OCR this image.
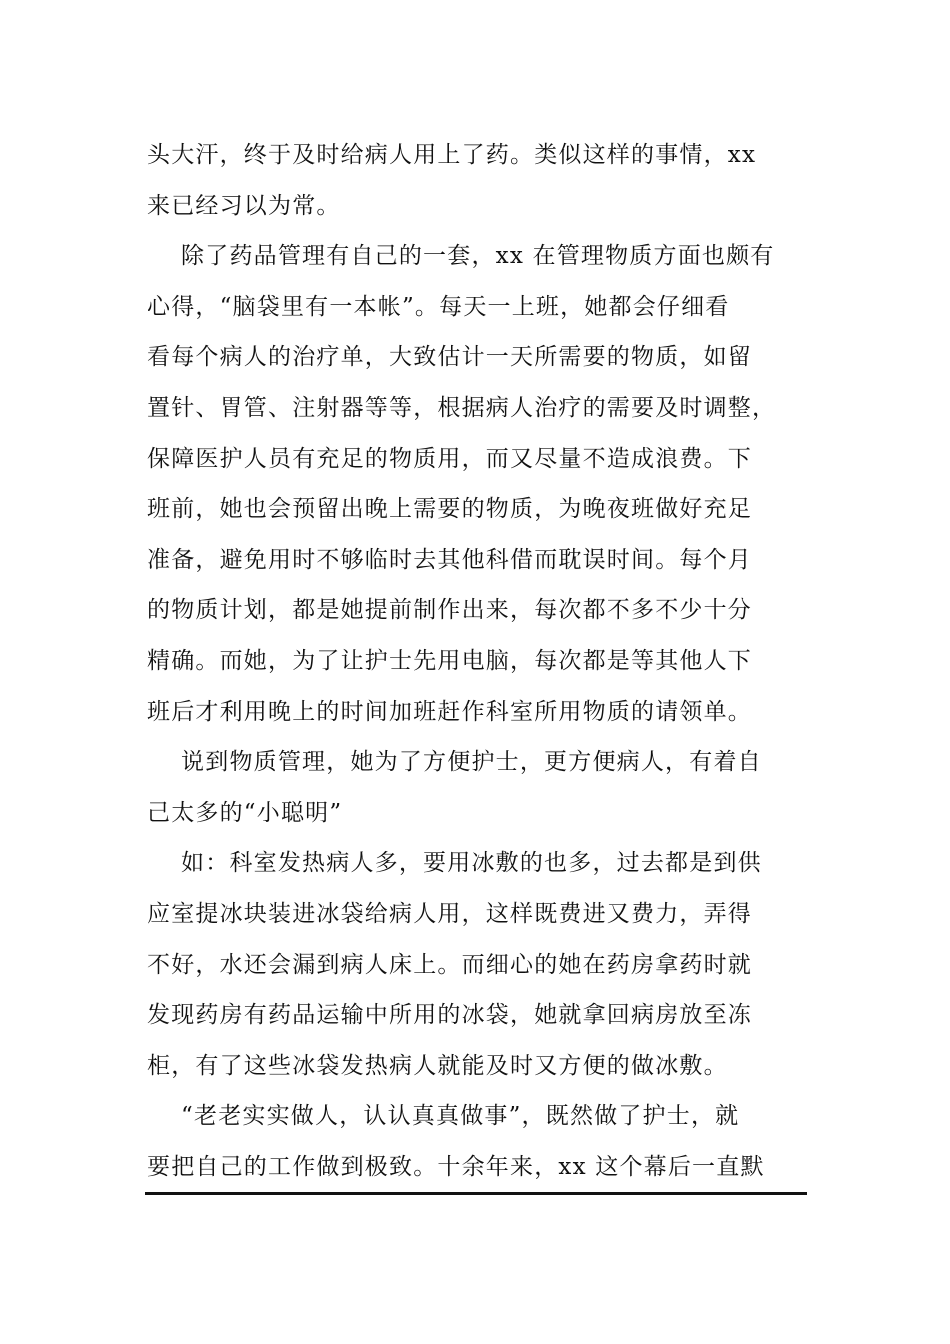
头大汗，终于及时给病人用上了药。类似这样的事情，xx
来已经习以为常。
除了药品管理有自己的一套，xx 在管理物质方面也颇有
心得，“脑袋里有一本帐”。每天一上班，她都会仔细看
看每个病人的治疗单，大致估计一天所需要的物质，如留
置针、胃管、注射器等等，根据病人治疗的需要及时调整，
保障医护人员有充足的物质用，而又尽量不造成浪费。下
班前，她也会预留出晚上需要的物质，为晚夜班做好充足
准备，避免用时不够临时去其他科借而耽误时间。每个月
的物质计划，都是她提前制作出来，每次都不多不少十分
精确。而她，为了让护士先用电脑，每次都是等其他人下
班后才利用晚上的时间加班赶作科室所用物质的请领单。
说到物质管理，她为了方便护士，更方便病人，有着自
己太多的“小聪明”
如：科室发热病人多，要用冰敷的也多，过去都是到供
应室提冰块装进冰袋给病人用，这样既费进又费力，弄得
不好，水还会漏到病人床上。而细心的她在药房拿药时就
发现药房有药品运输中所用的冰袋，她就拿回病房放至冻
柜，有了这些冰袋发热病人就能及时又方便的做冰敷。
“老老实实做人，认认真真做事”，既然做了护士，就
要把自己的工作做到极致。十余年来，xx 这个幕后一直默
